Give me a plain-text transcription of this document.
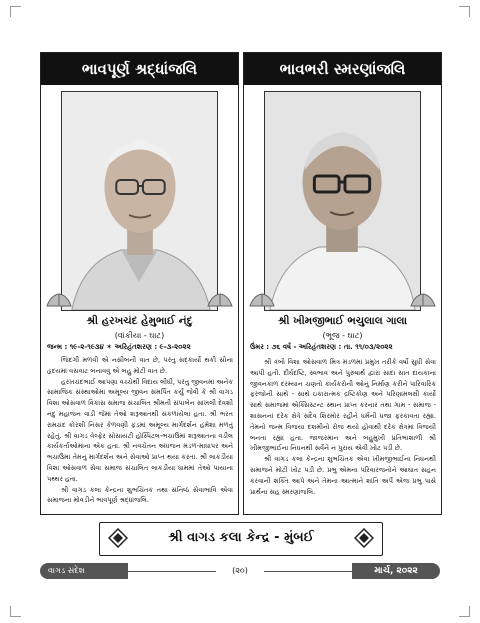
ભાવપૂર્ણ શ્રદ્ધાંજલિ
શ્રી હરખચંદ હેમુભાઈ નંદુ
(વાંકીયા - ઘાટ)
જન્મ : ૧૯-૨-૧૯૩૪ ✶ અરિહંતશરણ : ૯-૩-૨૦૨૨

જિંદગી મળવી એ નસીબની વાત છે, પરંતુ સદ્કાર્યો થકી સૌના હૃદયમાં વસવાટ બનાવવું એ બહુ મોટી વાત છે.

હરખચંદભાઈ આપણા વચ્ચેથી વિદાય લીધી, પરંતુ જીવનમાં અનેક સામાજિક સંસ્થાઓમાં અમૂલ્ય જીવન સમર્પિત કર્યું જેવી કે શ્રી વાગડ વિશા ઓસવાળ વિકાસ સમાજ સંચાલિત શ્રીમતી સંપાબેન સાંખલી દેવશી નંદુ મહાજન વાડી જેમાં તેઓ શરૂઆતથી સંકળાયેલા હતા. શ્રી ભરત રામચંદ કોરશી નિસર કેળવણી ફંડમાં અમૂલ્ય માર્ગદર્શન હંમેશા મળતું રહેતું. શ્રી વાગડ વેલ્ફેર સોસાયટી હોસ્પિટલ-ભચાઉમાં શરૂઆતના વડીલ કાર્યકર્તાઓમાંના એક હતા. શ્રી નવચેતન અંધજન મંડળ-માધાપર અને ભચાઉમાં તેમનું માર્ગદર્શન અને સેવાઓ પ્રાપ્ત થયા કરતા. શ્રી લાકડીયા વિશા ઓસવાળ સેવા સમાજ સંચાલિત લાકડીયા ધામમાં તેઓ પાયાના પથ્થર હતા.

શ્રી વાગડ કલા કેન્દ્રના શુભચિંતક તથા સંનિષ્ઠ સેવાભાવિ એવા સમાજના મોવડીને ભાવપૂર્ણ શ્રદ્ધાંજલિ.

ભાવભરી સ્મરણાંજલિ
શ્રી ખીમજીભાઈ ભચુલાલ ગાલા
(ભૂજ - ઘાટ)
ઉંમર : ૭૬ વર્ષ - અરિહંતશરણ : તા. ૧૧/૦૩/૨૦૨૨

શ્રી ત્રંબૌ વિશા ઓસવાળ મિત્ર મંડળમાં પ્રમુખ તરીકે વર્ષો સુધી સેવા આપી હતી. દીર્ઘદષ્ટિ, સ્વભાવ અને પુરુષાર્થ દ્વારા સાદા સાત દાયકાના જીવનકાળ દરમ્યાન ચણતો કાર્યકરોની ઓનું નિર્માણ કરીને પારિવારિક ફરજોની સાથે - સાથે ઇકારાત્મક દ્રષ્ટિકોણ અને પરિણામલક્ષી કાર્યો સાથે સમાજમાં એક્સિસ્ટન્ટ સ્થાન પ્રાપ્ત કરનાર તથા ગામ - સમાજ - શાસનનાં દરેક ક્ષેત્રે સદૈવ શિરમોર રહીને ધર્મની ધજા ફરકાવતા રહ્યા. તેમનો જન્મ વિજયા દશમીનો રોજ થયો હોવાથી દરેક ક્ષેત્રમાં વિજયી બનતા રહ્યા હતા. જાજરમાન અને બહુમુખી પ્રતિભાશાળી શ્રી ખીમજીભાઈના નિધનથી સર્વેને ન પુરાય એવી ખોટ પડી છે.

શ્રી વાગડ કલા કેન્દ્રના શુભચિંતક એવા ખીમજીભાઈના નિધનથી સમાજને મોટી ખોટ પડી છે. પ્રભુ એમના પરિવારજનોને આઘાત સહન કરવાની શક્તિ આપે અને તેમના આત્માને શાંતિ અર્પે એજ પ્રભુ પાસે પ્રાર્થના સહ સ્મરણાંજલિ.

શ્રી વાગડ કલા કેન્દ્ર - મુંબઈ
વાગડ સંદેશ	(૨૦)	માર્ચ, ૨૦૨૨
